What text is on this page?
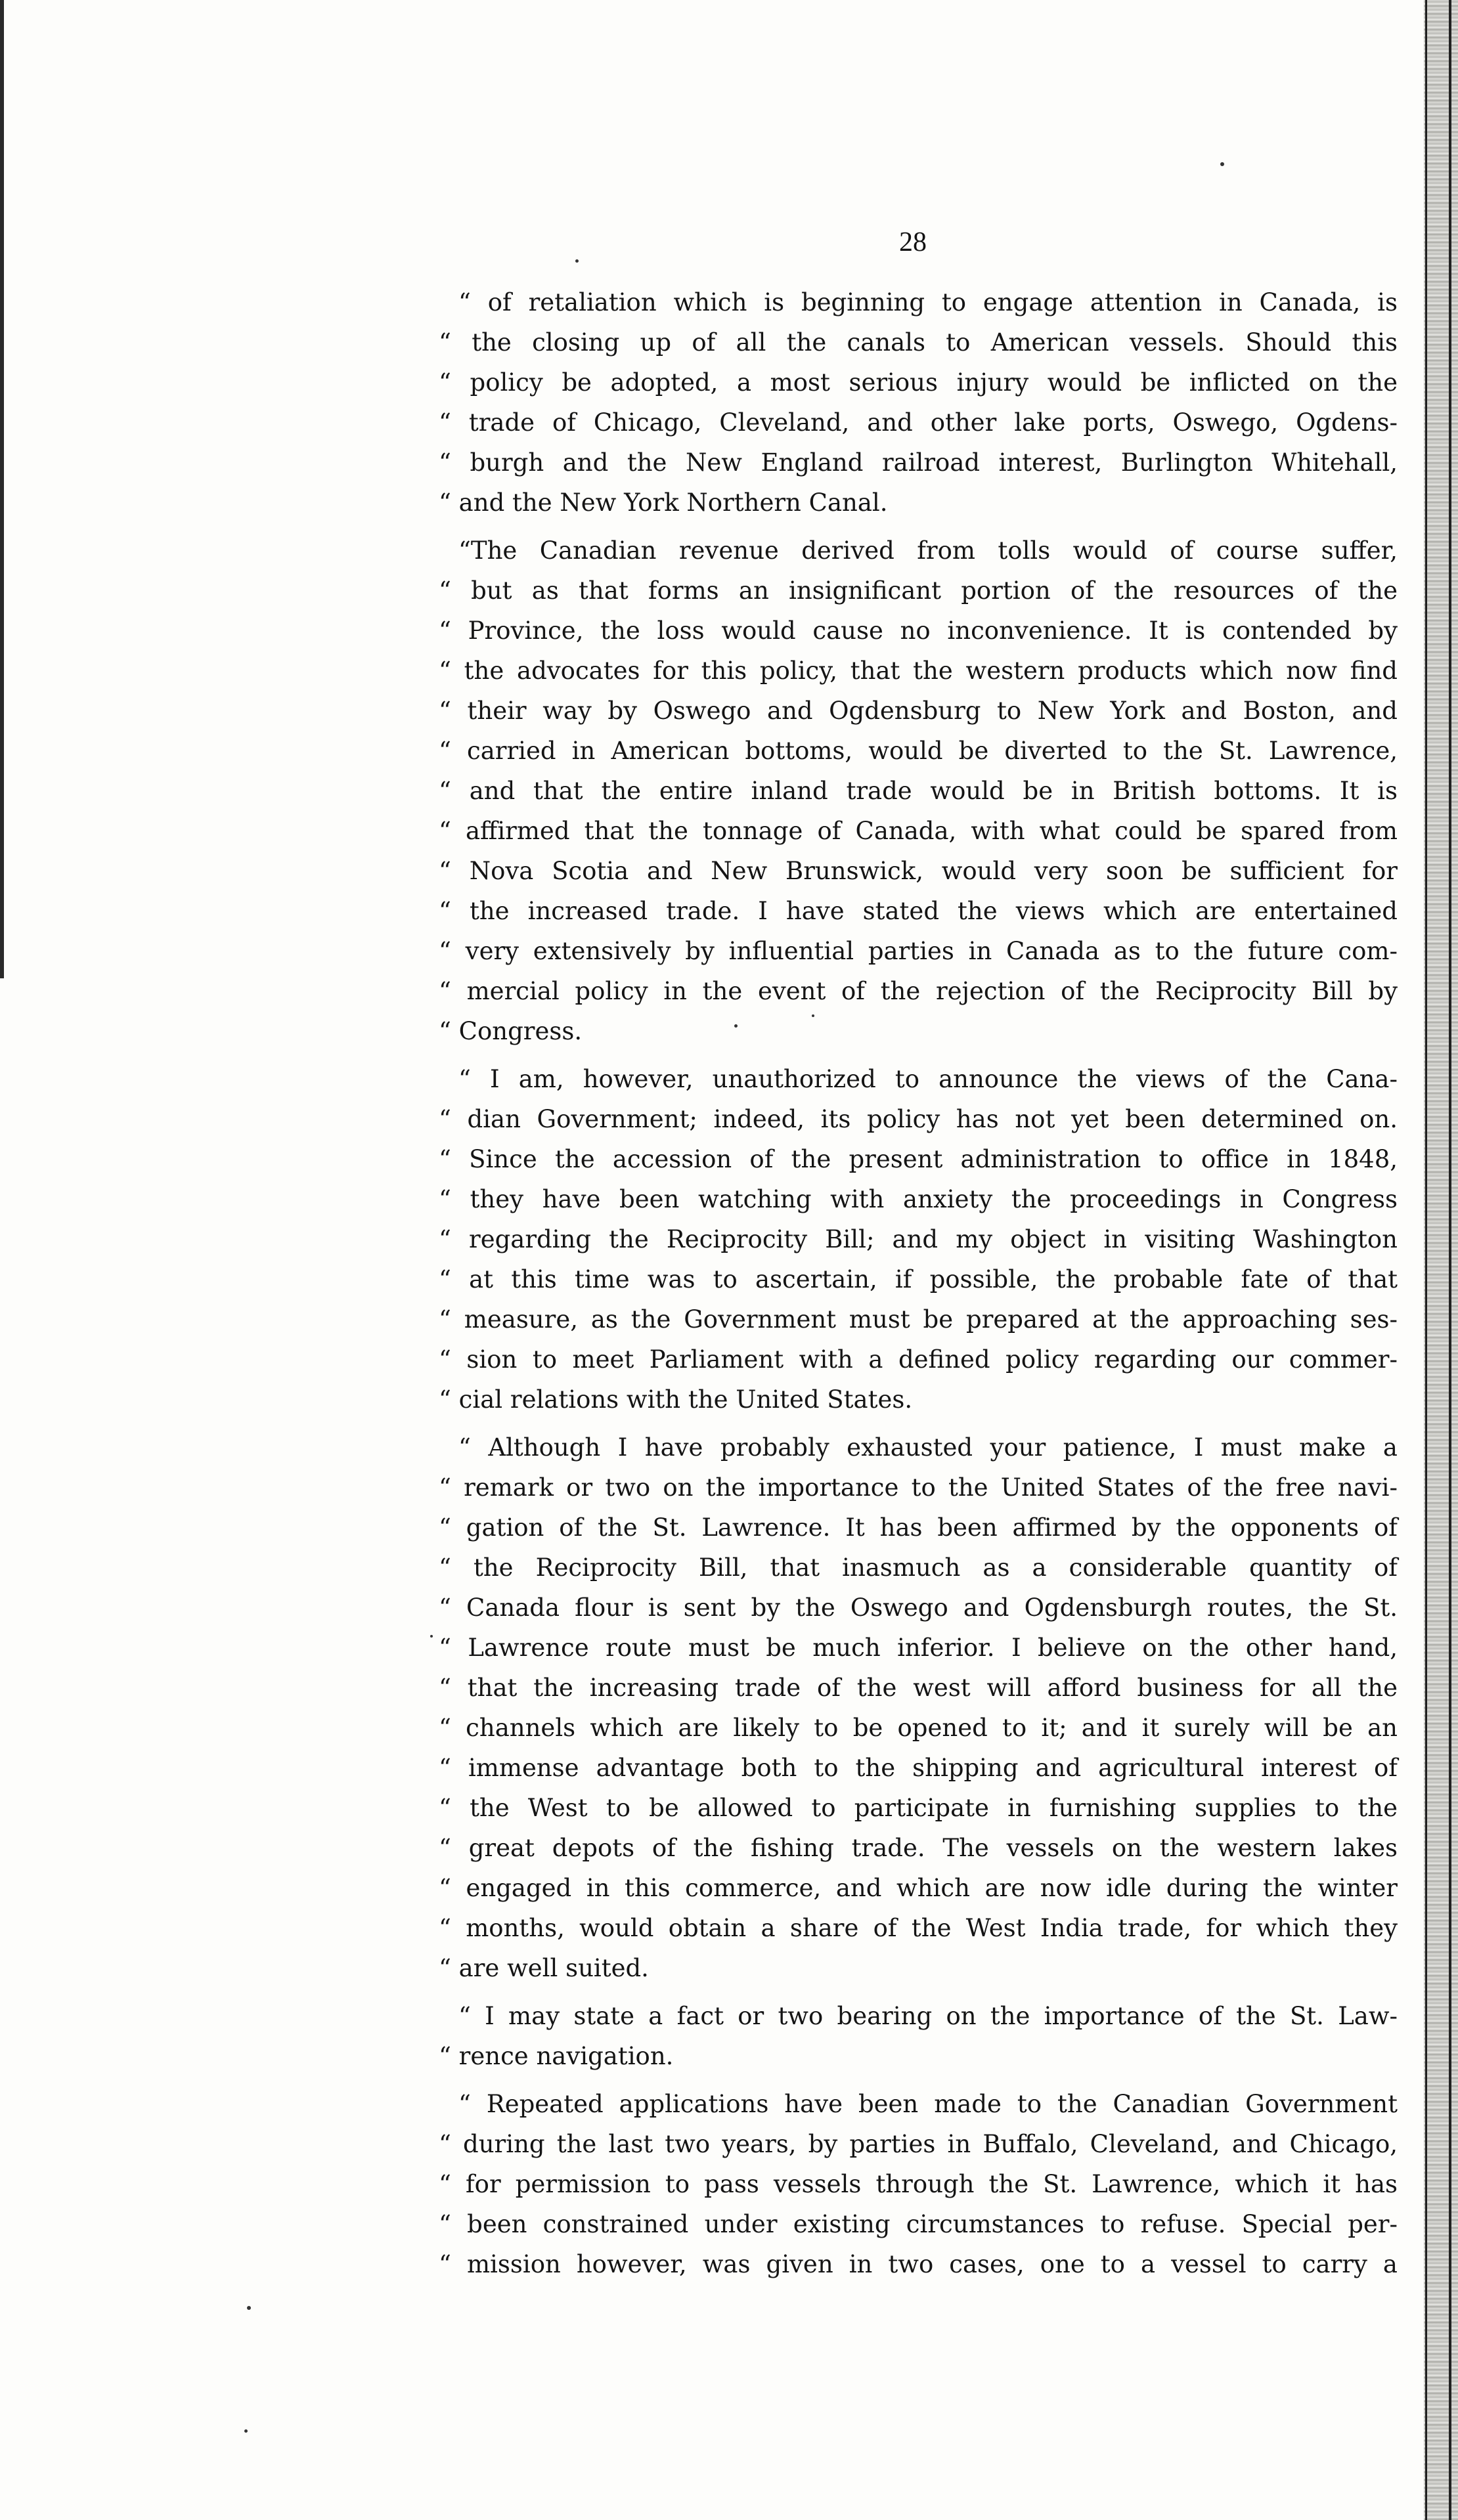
28
“ of retaliation which is beginning to engage attention in Canada, is
“ the closing up of all the canals to American vessels. Should this
“ policy be adopted, a most serious injury would be inflicted on the
“ trade of Chicago, Cleveland, and other lake ports, Oswego, Ogdens-
“ burgh and the New England railroad interest, Burlington Whitehall,
“ and the New York Northern Canal.
“The Canadian revenue derived from tolls would of course suffer,
“ but as that forms an insignificant portion of the resources of the
“ Province, the loss would cause no inconvenience. It is contended by
“ the advocates for this policy, that the western products which now find
“ their way by Oswego and Ogdensburg to New York and Boston, and
“ carried in American bottoms, would be diverted to the St. Lawrence,
“ and that the entire inland trade would be in British bottoms. It is
“ affirmed that the tonnage of Canada, with what could be spared from
“ Nova Scotia and New Brunswick, would very soon be sufficient for
“ the increased trade. I have stated the views which are entertained
“ very extensively by influential parties in Canada as to the future com-
“ mercial policy in the event of the rejection of the Reciprocity Bill by
“ Congress.
“ I am, however, unauthorized to announce the views of the Cana-
“ dian Government; indeed, its policy has not yet been determined on.
“ Since the accession of the present administration to office in 1848,
“ they have been watching with anxiety the proceedings in Congress
“ regarding the Reciprocity Bill; and my object in visiting Washington
“ at this time was to ascertain, if possible, the probable fate of that
“ measure, as the Government must be prepared at the approaching ses-
“ sion to meet Parliament with a defined policy regarding our commer-
“ cial relations with the United States.
“ Although I have probably exhausted your patience, I must make a
“ remark or two on the importance to the United States of the free navi-
“ gation of the St. Lawrence. It has been affirmed by the opponents of
“ the Reciprocity Bill, that inasmuch as a considerable quantity of
“ Canada flour is sent by the Oswego and Ogdensburgh routes, the St.
“ Lawrence route must be much inferior. I believe on the other hand,
“ that the increasing trade of the west will afford business for all the
“ channels which are likely to be opened to it; and it surely will be an
“ immense advantage both to the shipping and agricultural interest of
“ the West to be allowed to participate in furnishing supplies to the
“ great depots of the fishing trade. The vessels on the western lakes
“ engaged in this commerce, and which are now idle during the winter
“ months, would obtain a share of the West India trade, for which they
“ are well suited.
“ I may state a fact or two bearing on the importance of the St. Law-
“ rence navigation.
“ Repeated applications have been made to the Canadian Government
“ during the last two years, by parties in Buffalo, Cleveland, and Chicago,
“ for permission to pass vessels through the St. Lawrence, which it has
“ been constrained under existing circumstances to refuse. Special per-
“ mission however, was given in two cases, one to a vessel to carry a
